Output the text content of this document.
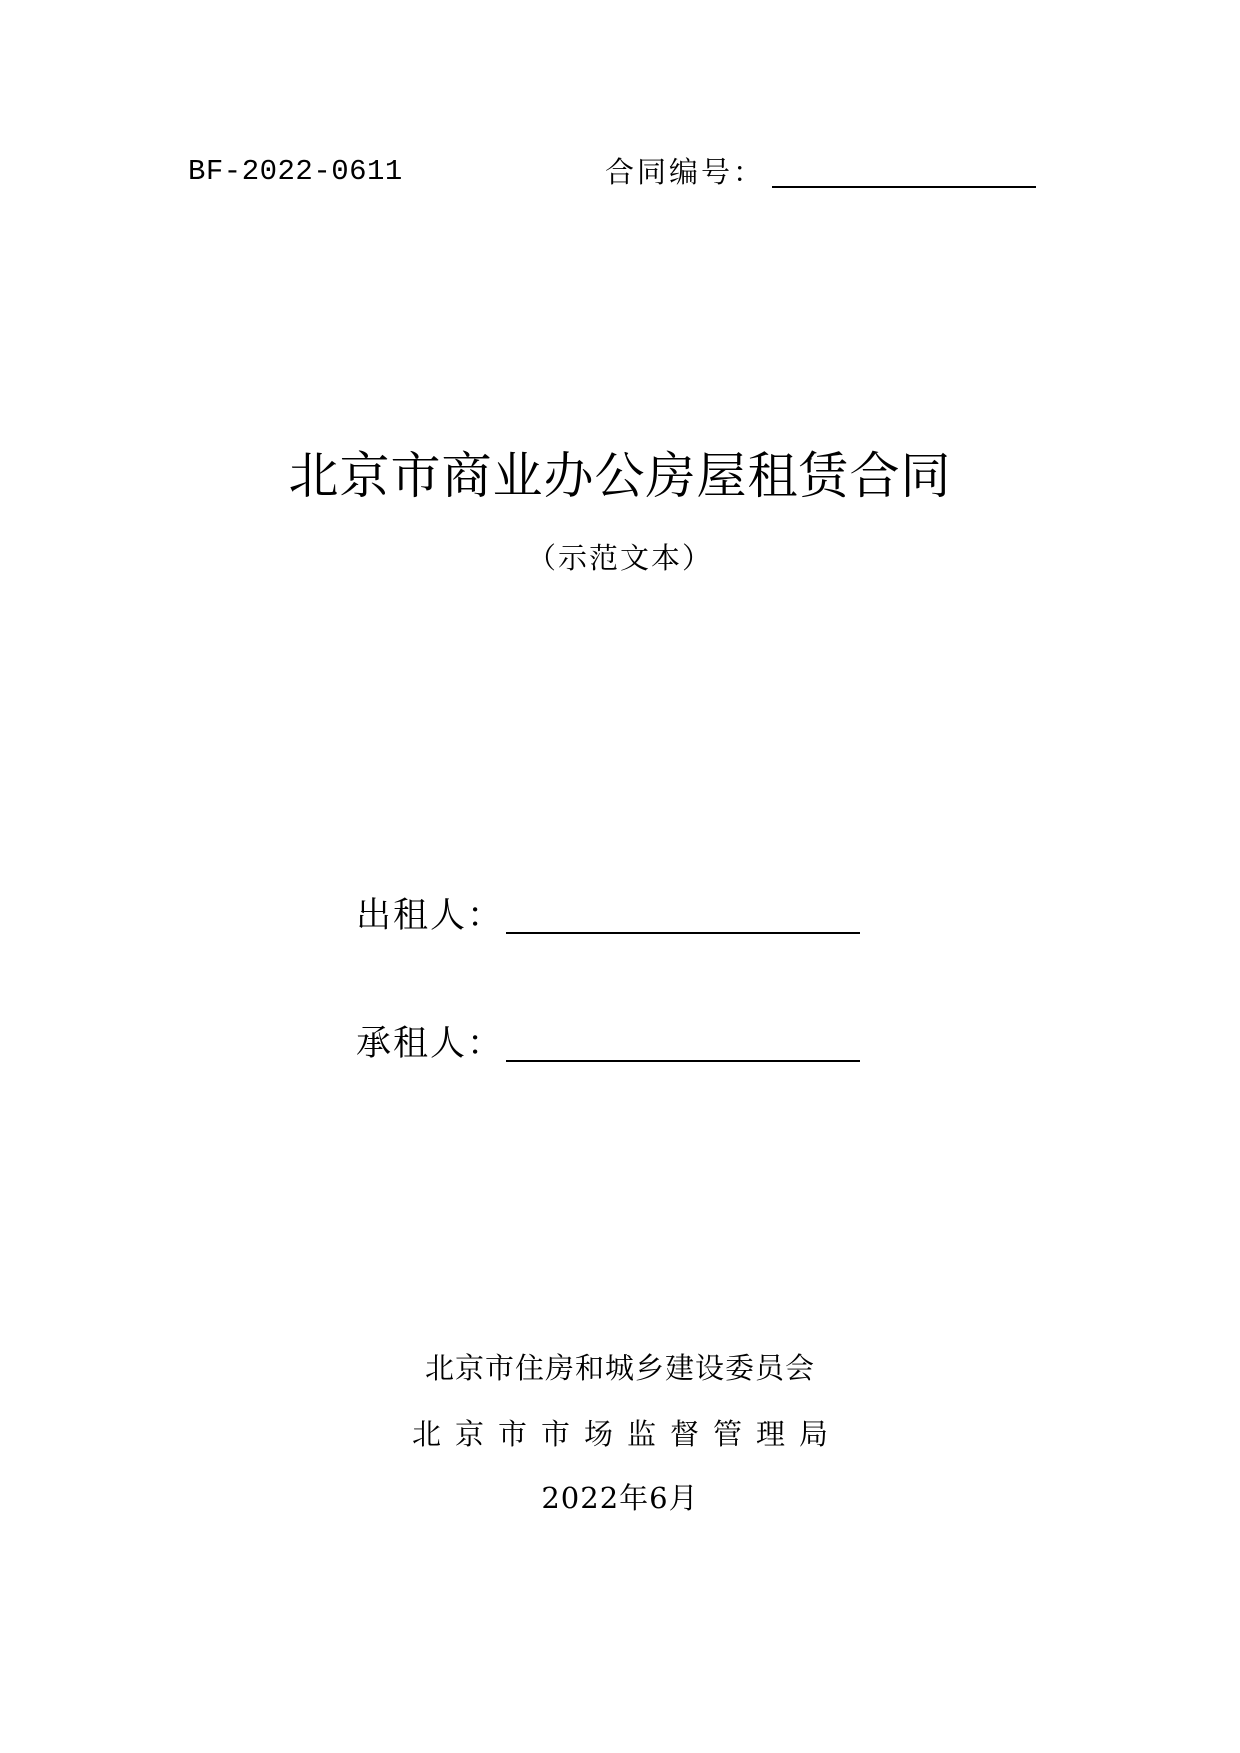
BF-2022-0611	合同编号：
北京市商业办公房屋租赁合同
（示范文本）
出租人：
承租人：
北京市住房和城乡建设委员会
北京市市场监督管理局
2022年6月
